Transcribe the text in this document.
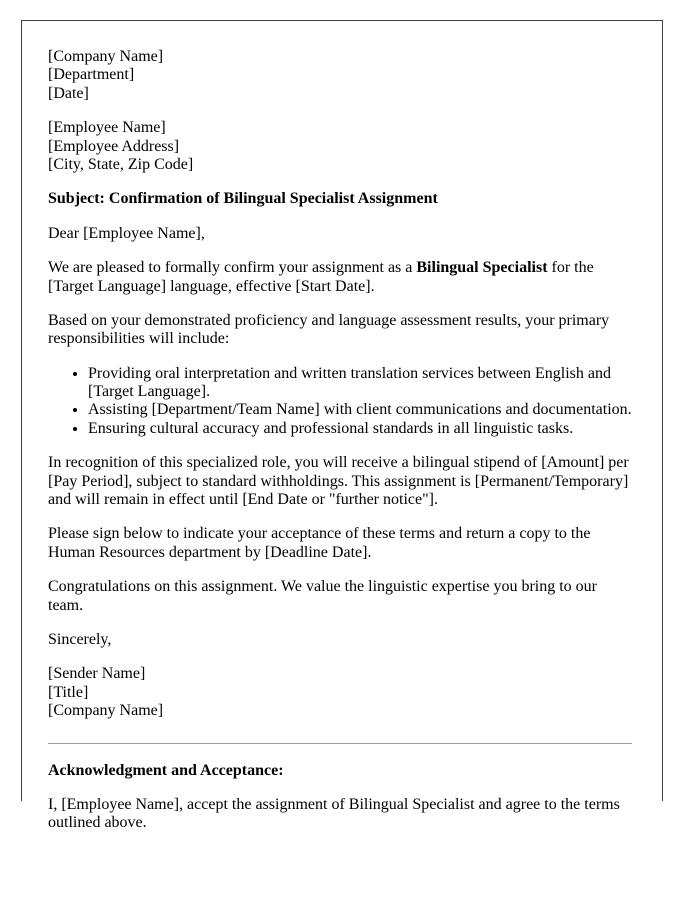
[Company Name]
[Department]
[Date]
[Employee Name]
[Employee Address]
[City, State, Zip Code]
Subject: Confirmation of Bilingual Specialist Assignment
Dear [Employee Name],
We are pleased to formally confirm your assignment as a Bilingual Specialist for the [Target Language] language, effective [Start Date].
Based on your demonstrated proficiency and language assessment results, your primary responsibilities will include:
• Providing oral interpretation and written translation services between English and [Target Language].
• Assisting [Department/Team Name] with client communications and documentation.
• Ensuring cultural accuracy and professional standards in all linguistic tasks.
In recognition of this specialized role, you will receive a bilingual stipend of [Amount] per [Pay Period], subject to standard withholdings. This assignment is [Permanent/Temporary] and will remain in effect until [End Date or "further notice"].
Please sign below to indicate your acceptance of these terms and return a copy to the Human Resources department by [Deadline Date].
Congratulations on this assignment. We value the linguistic expertise you bring to our team.
Sincerely,
[Sender Name]
[Title]
[Company Name]
Acknowledgment and Acceptance:
I, [Employee Name], accept the assignment of Bilingual Specialist and agree to the terms outlined above.
